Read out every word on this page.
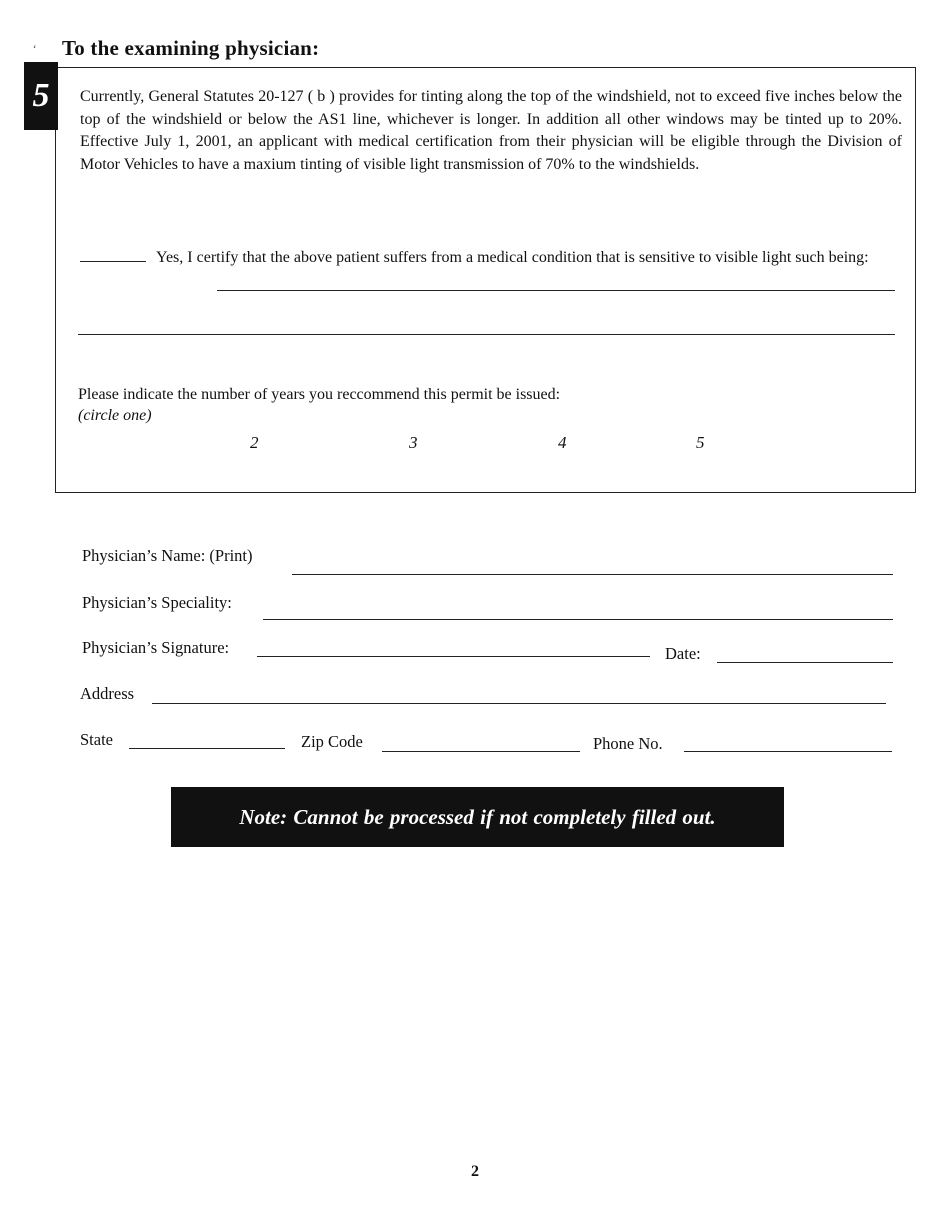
ʻ To the examining physician:
5	Currently, General Statutes 20-127 ( b ) provides for tinting along the top of the windshield, not to exceed five inches below the top of the windshield or below the AS1 line, whichever is longer. In addition all other windows may be tinted up to 20%. Effective July 1, 2001, an applicant with medical certification from their physician will be eligible through the Division of Motor Vehicles to have a maxium tinting of visible light transmission of 70% to the windshields.
Yes, I certify that the above patient suffers from a medical condition that is sensitive to visible light such being:
Please indicate the number of years you reccommend this permit be issued:
(circle one)
2	3	4	5
Physician’s Name: (Print)
Physician’s Speciality:
Physician’s Signature:	Date:
Address
State	Zip Code	Phone No.
Note: Cannot be processed if not completely filled out.
2
